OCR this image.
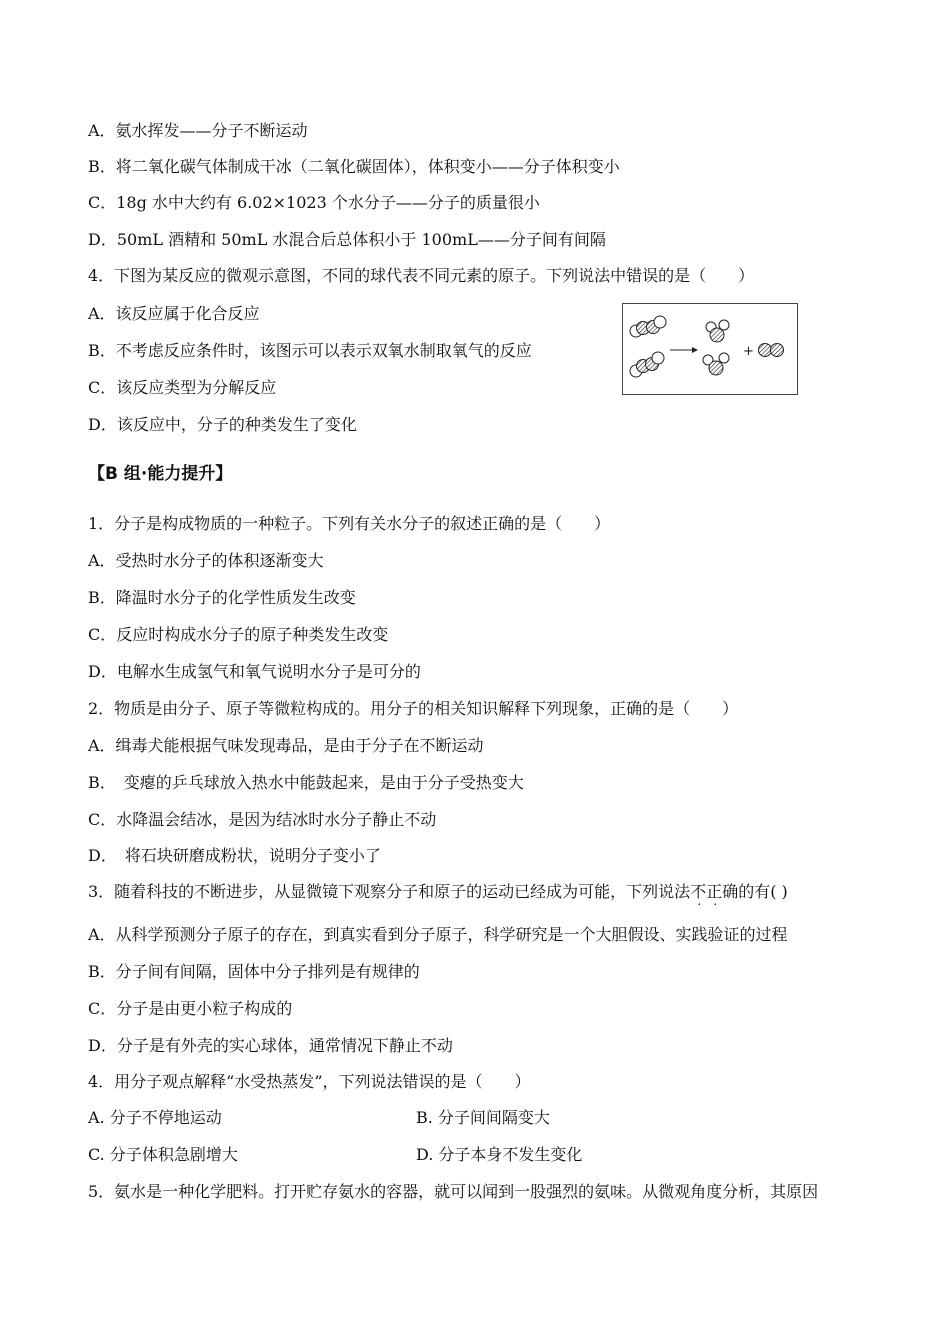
A．氨水挥发——分子不断运动
B．将二氧化碳气体制成干冰（二氧化碳固体），体积变小——分子体积变小
C．18g 水中大约有 6.02×1023 个水分子——分子的质量很小
D．50mL 酒精和 50mL 水混合后总体积小于 100mL——分子间有间隔
4．下图为某反应的微观示意图，不同的球代表不同元素的原子。下列说法中错误的是（　　）
A．该反应属于化合反应
B．不考虑反应条件时，该图示可以表示双氧水制取氧气的反应
C．该反应类型为分解反应
D．该反应中，分子的种类发生了变化
+
【B 组·能力提升】
1．分子是构成物质的一种粒子。下列有关水分子的叙述正确的是（　　）
A．受热时水分子的体积逐渐变大
B．降温时水分子的化学性质发生改变
C．反应时构成水分子的原子种类发生改变
D．电解水生成氢气和氧气说明水分子是可分的
2．物质是由分子、原子等微粒构成的。用分子的相关知识解释下列现象，正确的是（　　）
A．缉毒犬能根据气味发现毒品，是由于分子在不断运动
B．　变瘪的乒乓球放入热水中能鼓起来，是由于分子受热变大
C．水降温会结冰，是因为结冰时水分子静止不动
D．　将石块研磨成粉状，说明分子变小了
3．随着科技的不断进步，从显微镜下观察分子和原子的运动已经成为可能，下列说法不正确的有( )
A．从科学预测分子原子的存在，到真实看到分子原子，科学研究是一个大胆假设、实践验证的过程
B．分子间有间隔，固体中分子排列是有规律的
C．分子是由更小粒子构成的
D．分子是有外壳的实心球体，通常情况下静止不动
4．用分子观点解释“水受热蒸发”，下列说法错误的是（　　）
A. 分子不停地运动	B. 分子间间隔变大
C. 分子体积急剧增大	D. 分子本身不发生变化
5．氨水是一种化学肥料。打开贮存氨水的容器，就可以闻到一股强烈的氨味。从微观角度分析，其原因
